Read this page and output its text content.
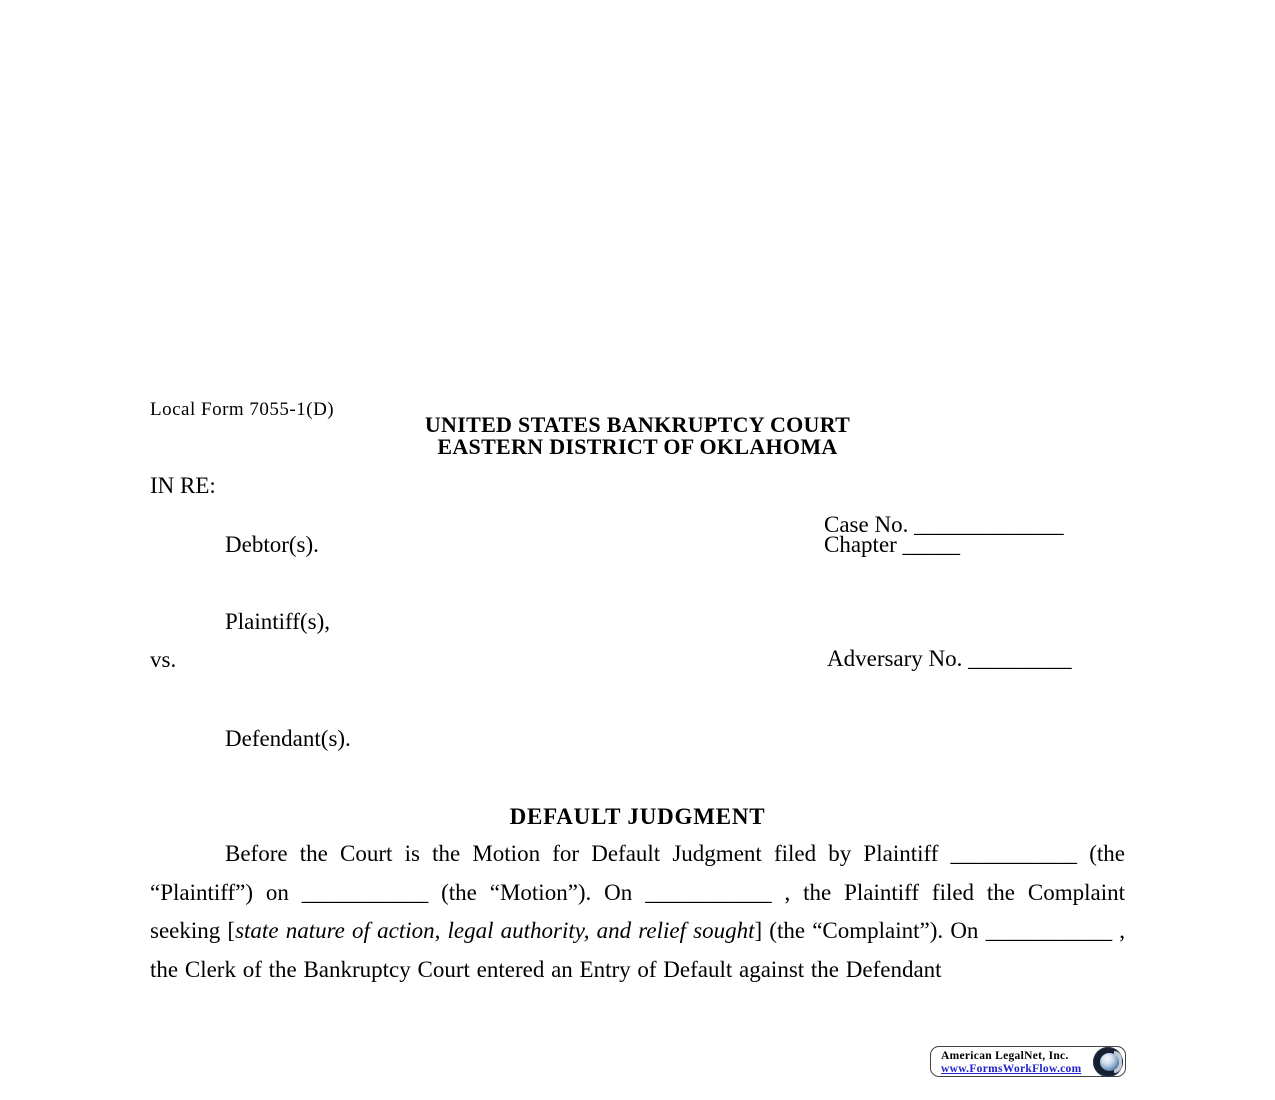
Local Form 7055-1(D)
UNITED STATES BANKRUPTCY COURT
EASTERN DISTRICT OF OKLAHOMA
IN RE:
Case No. _____________
Debtor(s).	Chapter _____
Plaintiff(s),
vs.	Adversary No. _________
Defendant(s).
DEFAULT JUDGMENT

Before the Court is the Motion for Default Judgment filed by Plaintiff ___________ (the “Plaintiff”) on ___________ (the “Motion”). On ___________ , the Plaintiff filed the Complaint seeking [state nature of action, legal authority, and relief sought] (the “Complaint”). On ___________ , the Clerk of the Bankruptcy Court entered an Entry of Default against the Defendant

American LegalNet, Inc.
www.FormsWorkFlow.com
